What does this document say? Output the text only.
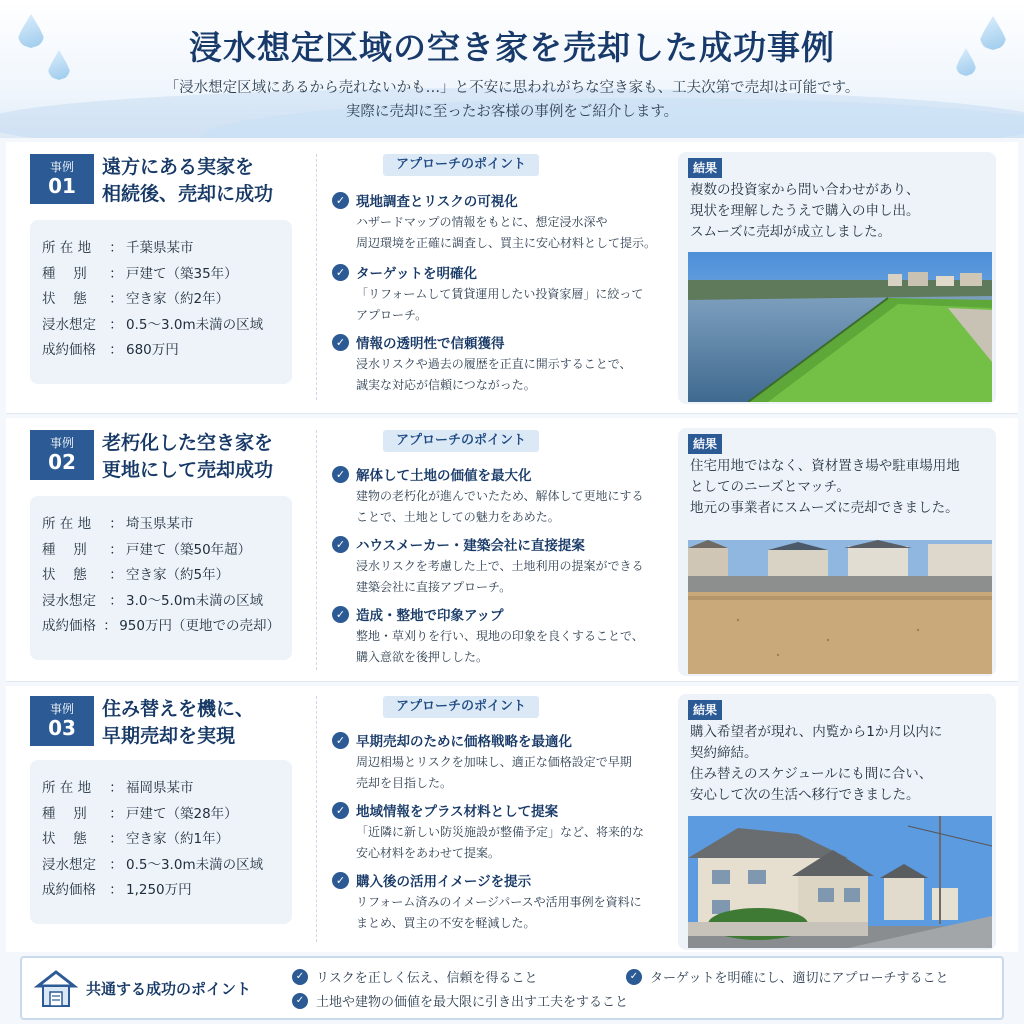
浸水想定区域の空き家を売却した成功事例
「浸水想定区域にあるから売れないかも…」と不安に思われがちな空き家も、工夫次第で売却は可能です。
実際に売却に至ったお客様の事例をご紹介します。
事例
01
遠方にある実家を
相続後、売却に成功
所 在 地	： 千葉県某市
種　 別	： 戸建て（築35年）
状　 態	： 空き家（約2年）
浸水想定 ： 0.5～3.0m未満の区域
成約価格 ： 680万円
アプローチのポイント
✓ 現地調査とリスクの可視化
ハザードマップの情報をもとに、想定浸水深や
周辺環境を正確に調査し、買主に安心材料として提示。
✓ ターゲットを明確化
「リフォームして賃貸運用したい投資家層」に絞って
アプローチ。
✓ 情報の透明性で信頼獲得
浸水リスクや過去の履歴を正直に開示することで、
誠実な対応が信頼につながった。
結果
複数の投資家から問い合わせがあり、
現状を理解したうえで購入の申し出。
スムーズに売却が成立しました。
事例
02
老朽化した空き家を
更地にして売却成功
所 在 地	： 埼玉県某市
種　 別	： 戸建て（築50年超）
状　 態	： 空き家（約5年）
浸水想定 ： 3.0～5.0m未満の区域
成約価格 ： 950万円（更地での売却）
アプローチのポイント
✓ 解体して土地の価値を最大化
建物の老朽化が進んでいたため、解体して更地にする
ことで、土地としての魅力をあめた。
✓ ハウスメーカー・建築会社に直接提案
浸水リスクを考慮した上で、土地利用の提案ができる
建築会社に直接アプローチ。
✓ 造成・整地で印象アップ
整地・草刈りを行い、現地の印象を良くすることで、
購入意欲を後押しした。
結果
住宅用地ではなく、資材置き場や駐車場用地
としてのニーズとマッチ。
地元の事業者にスムーズに売却できました。
事例
03
住み替えを機に、
早期売却を実現
所 在 地	： 福岡県某市
種　 別	： 戸建て（築28年）
状　 態	： 空き家（約1年）
浸水想定 ： 0.5～3.0m未満の区域
成約価格 ： 1,250万円
アプローチのポイント
✓ 早期売却のために価格戦略を最適化
周辺相場とリスクを加味し、適正な価格設定で早期
売却を目指した。
✓ 地域情報をプラス材料として提案
「近隣に新しい防災施設が整備予定」など、将来的な
安心材料をあわせて提案。
✓ 購入後の活用イメージを提示
リフォーム済みのイメージパースや活用事例を資料に
まとめ、買主の不安を軽減した。
結果
購入希望者が現れ、内覧から1か月以内に
契約締結。
住み替えのスケジュールにも間に合い、
安心して次の生活へ移行できました。
共通する成功のポイント
✓ リスクを正しく伝え、信頼を得ること	✓ ターゲットを明確にし、適切にアプローチすること
✓ 土地や建物の価値を最大限に引き出す工夫をすること
